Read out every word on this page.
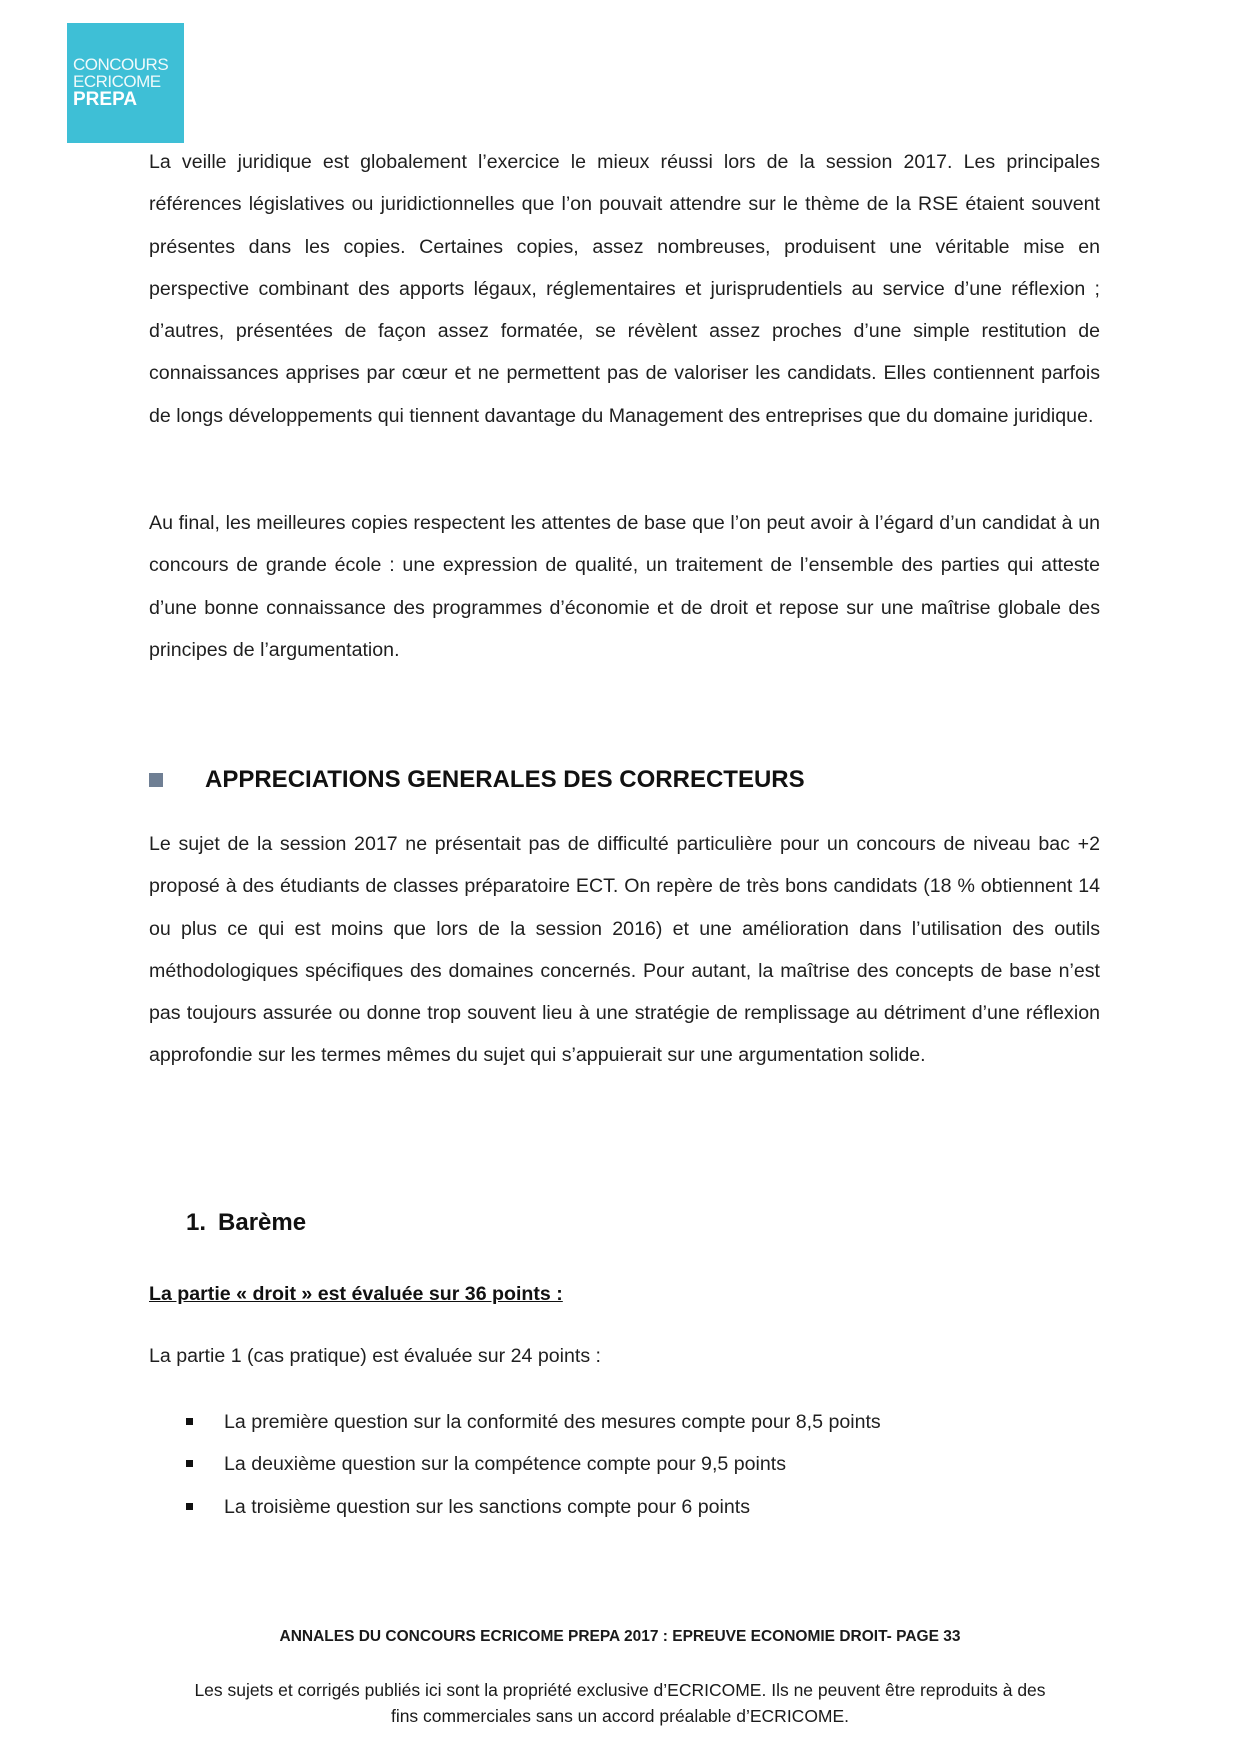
CONCOURS
ECRICOME
PREPA

La veille juridique est globalement l’exercice le mieux réussi lors de la session 2017. Les principales références législatives ou juridictionnelles que l’on pouvait attendre sur le thème de la RSE étaient souvent présentes dans les copies. Certaines copies, assez nombreuses, produisent une véritable mise en perspective combinant des apports légaux, réglementaires et jurisprudentiels au service d’une réflexion ; d’autres, présentées de façon assez formatée, se révèlent assez proches d’une simple restitution de connaissances apprises par cœur et ne permettent pas de valoriser les candidats. Elles contiennent parfois de longs développements qui tiennent davantage du Management des entreprises que du domaine juridique.

Au final, les meilleures copies respectent les attentes de base que l’on peut avoir à l’égard d’un candidat à un concours de grande école : une expression de qualité, un traitement de l’ensemble des parties qui atteste d’une bonne connaissance des programmes d’économie et de droit et repose sur une maîtrise globale des principes de l’argumentation.

APPRECIATIONS GENERALES DES CORRECTEURS

Le sujet de la session 2017 ne présentait pas de difficulté particulière pour un concours de niveau bac +2 proposé à des étudiants de classes préparatoire ECT. On repère de très bons candidats (18 % obtiennent 14 ou plus ce qui est moins que lors de la session 2016) et une amélioration dans l’utilisation des outils méthodologiques spécifiques des domaines concernés. Pour autant, la maîtrise des concepts de base n’est pas toujours assurée ou donne trop souvent lieu à une stratégie de remplissage au détriment d’une réflexion approfondie sur les termes mêmes du sujet qui s’appuierait sur une argumentation solide.

1. Barème
La partie « droit » est évaluée sur 36 points :
La partie 1 (cas pratique) est évaluée sur 24 points :
La première question sur la conformité des mesures compte pour 8,5 points
La deuxième question sur la compétence compte pour 9,5 points
La troisième question sur les sanctions compte pour 6 points
ANNALES DU CONCOURS ECRICOME PREPA 2017 : EPREUVE ECONOMIE DROIT- PAGE 33
Les sujets et corrigés publiés ici sont la propriété exclusive d’ECRICOME. Ils ne peuvent être reproduits à des
fins commerciales sans un accord préalable d’ECRICOME.
